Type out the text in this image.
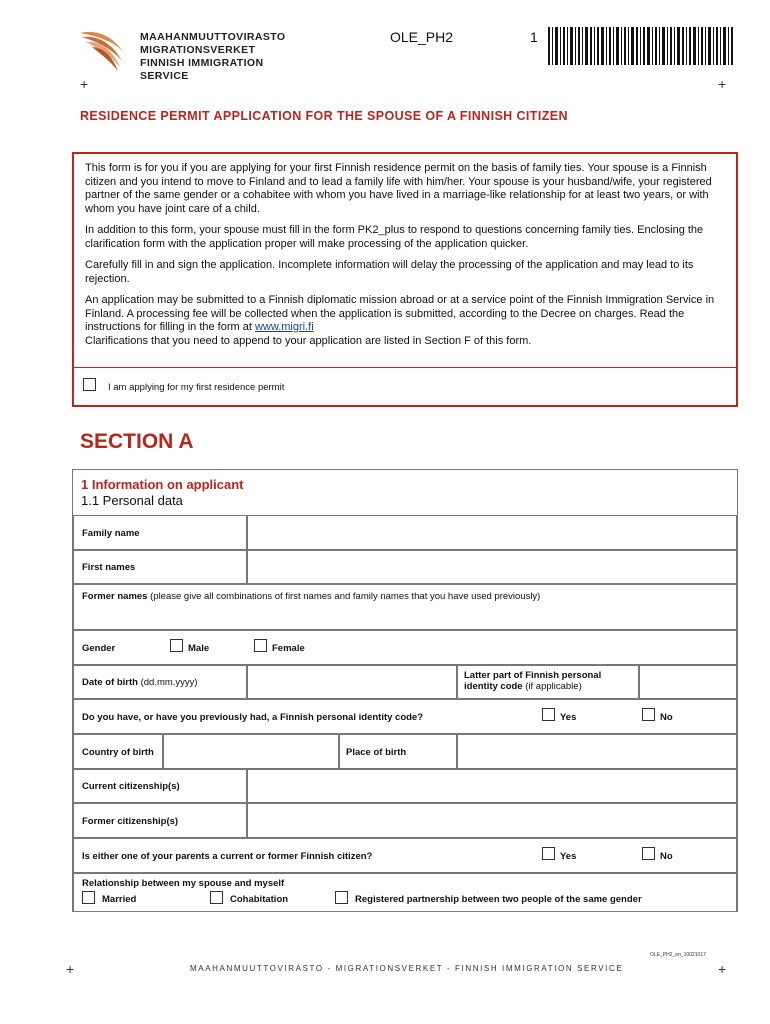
MAAHANMUUTTOVIRASTO
MIGRATIONSVERKET
FINNISH IMMIGRATION SERVICE
OLE_PH2	1
+	+
RESIDENCE PERMIT APPLICATION FOR THE SPOUSE OF A FINNISH CITIZEN

This form is for you if you are applying for your first Finnish residence permit on the basis of family ties. Your spouse is a Finnish citizen and you intend to move to Finland and to lead a family life with him/her. Your spouse is your husband/wife, your registered partner of the same gender or a cohabitee with whom you have lived in a marriage-like relationship for at least two years, or with whom you have joint care of a child.

In addition to this form, your spouse must fill in the form PK2_plus to respond to questions concerning family ties. Enclosing the clarification form with the application proper will make processing of the application quicker.

Carefully fill in and sign the application. Incomplete information will delay the processing of the application and may lead to its rejection.

An application may be submitted to a Finnish diplomatic mission abroad or at a service point of the Finnish Immigration Service in Finland. A processing fee will be collected when the application is submitted, according to the Decree on charges. Read the instructions for filling in the form at www.migri.fi
Clarifications that you need to append to your application are listed in Section F of this form.

I am applying for my first residence permit
SECTION A
1 Information on applicant
1.1 Personal data
Family name
First names
Former names (please give all combinations of first names and family names that you have used previously)
Gender	Male	Female
Date of birth (dd.mm.yyyy)
Latter part of Finnish personal identity code (if applicable)
Do you have, or have you previously had, a Finnish personal identity code?	Yes	No
Country of birth	Place of birth
Current citizenship(s)
Former citizenship(s)
Is either one of your parents a current or former Finnish citizen?	Yes	No
Relationship between my spouse and myself
Married	Cohabitation	Registered partnership between two people of the same gender
OLE_PH2_en_10021017
+	MAAHANMUUTTOVIRASTO - MIGRATIONSVERKET - FINNISH IMMIGRATION SERVICE	+
